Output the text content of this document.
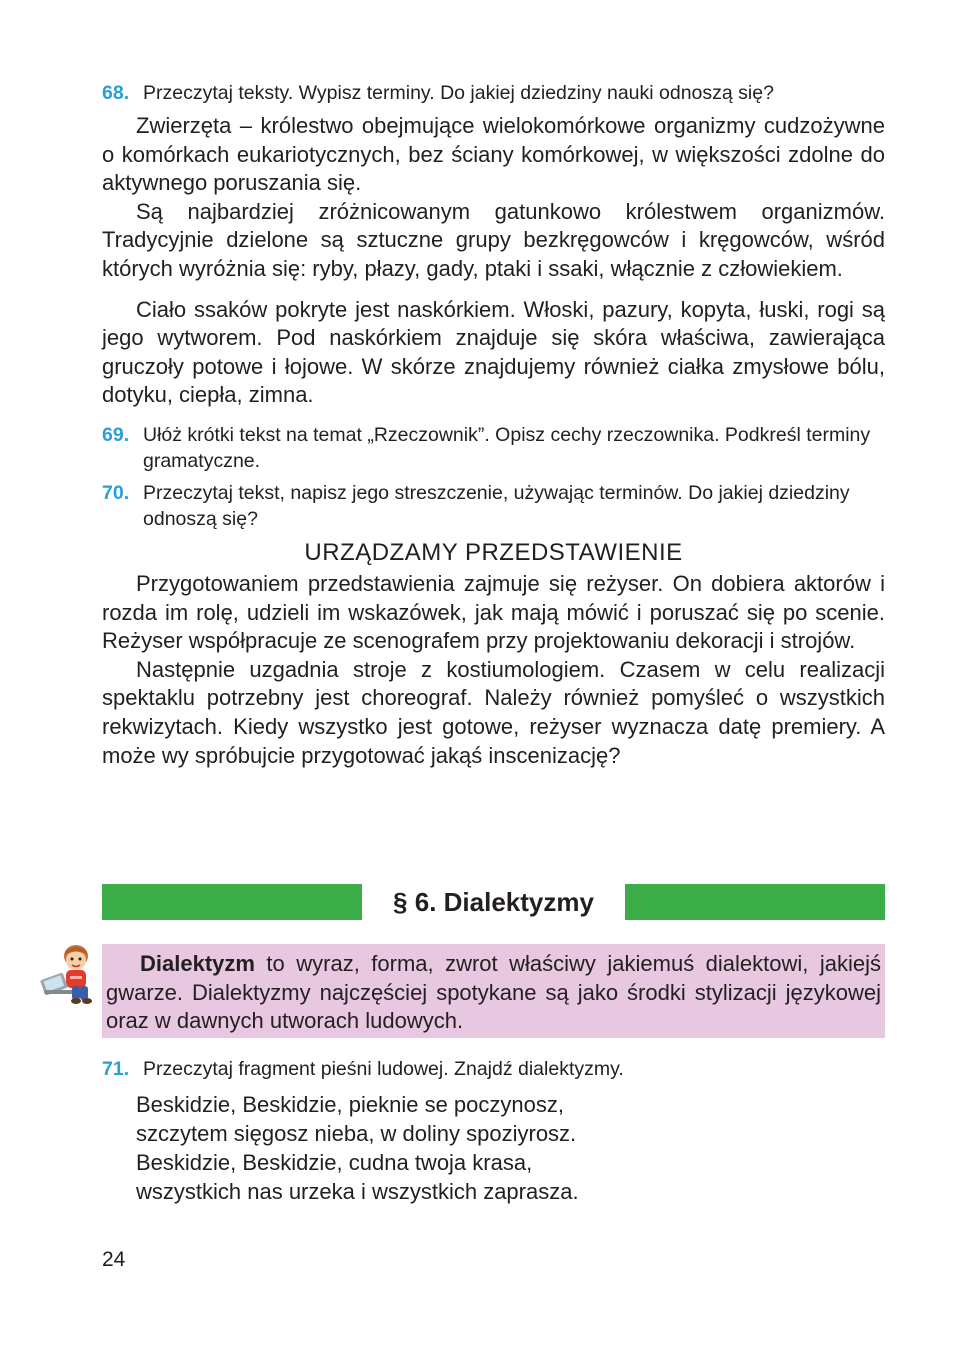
68. Przeczytaj teksty. Wypisz terminy. Do jakiej dziedziny nauki odnoszą się?

Zwierzęta – królestwo obejmujące wielokomórkowe organizmy cudzożywne o komórkach eukariotycznych, bez ściany komórkowej, w większości zdolne do aktywnego poruszania się.

Są najbardziej zróżnicowanym gatunkowo królestwem organizmów. Tradycyjnie dzielone są sztuczne grupy bezkręgowców i kręgowców, wśród których wyróżnia się: ryby, płazy, gady, ptaki i ssaki, włącznie z człowiekiem.

Ciało ssaków pokryte jest naskórkiem. Włoski, pazury, kopyta, łuski, rogi są jego wytworem. Pod naskórkiem znajduje się skóra właściwa, zawierająca gruczoły potowe i łojowe. W skórze znajdujemy również ciałka zmysłowe bólu, dotyku, ciepła, zimna.

69. Ułóż krótki tekst na temat „Rzeczownik”. Opisz cechy rzeczownika. Podkreśl terminy gramatyczne.
70. Przeczytaj tekst, napisz jego streszczenie, używając terminów. Do jakiej dziedziny odnoszą się?
URZĄDZAMY PRZEDSTAWIENIE

Przygotowaniem przedstawienia zajmuje się reżyser. On dobiera aktorów i rozda im rolę, udzieli im wskazówek, jak mają mówić i poruszać się po scenie. Reżyser współpracuje ze scenografem przy projektowaniu dekoracji i strojów.

Następnie uzgadnia stroje z kostiumologiem. Czasem w celu realizacji spektaklu potrzebny jest choreograf. Należy również pomyśleć o wszystkich rekwizytach. Kiedy wszystko jest gotowe, reżyser wyznacza datę premiery. A może wy spróbujcie przygotować jakąś inscenizację?

§ 6. Dialektyzmy
Dialektyzm to wyraz, forma, zwrot właściwy jakiemuś dialektowi, jakiejś gwarze. Dialektyzmy najczęściej spotykane są jako środki stylizacji językowej oraz w dawnych utworach ludowych.
71. Przeczytaj fragment pieśni ludowej. Znajdź dialektyzmy.
Beskidzie, Beskidzie, pieknie se poczynosz,
szczytem sięgosz nieba, w doliny spoziyrosz.
Beskidzie, Beskidzie, cudna twoja krasa,
wszystkich nas urzeka i wszystkich zaprasza.
24
